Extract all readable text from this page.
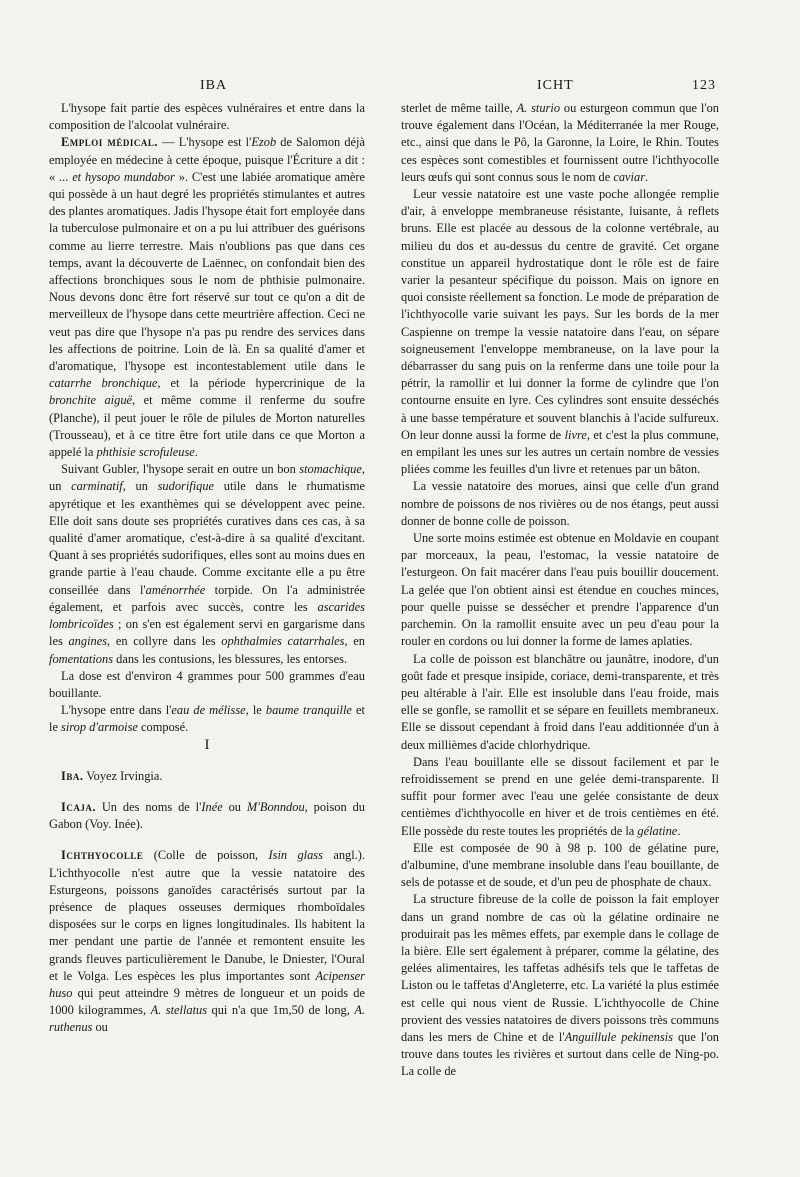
IBA	ICHT	123

L'hysope fait partie des espèces vulnéraires et entre dans la composition de l'alcoolat vulnéraire.

Emploi médical. — L'hysope est l'Ezob de Salomon déjà employée en médecine à cette époque, puisque l'Écriture a dit : « ... et hysopo mundabor ». C'est une labiée aromatique amère qui possède à un haut degré les propriétés stimulantes et autres des plantes aromatiques. Jadis l'hysope était fort employée dans la tuberculose pulmonaire et on a pu lui attribuer des guérisons comme au lierre terrestre. Mais n'oublions pas que dans ces temps, avant la découverte de Laënnec, on confondait bien des affections bronchiques sous le nom de phthisie pulmonaire. Nous devons donc être fort réservé sur tout ce qu'on a dit de merveilleux de l'hysope dans cette meurtrière affection. Ceci ne veut pas dire que l'hysope n'a pas pu rendre des services dans les affections de poitrine. Loin de là. En sa qualité d'amer et d'aromatique, l'hysope est incontestablement utile dans le catarrhe bronchique, et la période hypercrinique de la bronchite aiguë, et même comme il renferme du soufre (Planche), il peut jouer le rôle de pilules de Morton naturelles (Trousseau), et à ce titre être fort utile dans ce que Morton a appelé la phthisie scrofuleuse.

Suivant Gubler, l'hysope serait en outre un bon stomachique, un carminatif, un sudorifique utile dans le rhumatisme apyrétique et les exanthèmes qui se développent avec peine. Elle doit sans doute ses propriétés curatives dans ces cas, à sa qualité d'amer aromatique, c'est-à-dire à sa qualité d'excitant. Quant à ses propriétés sudorifiques, elles sont au moins dues en grande partie à l'eau chaude. Comme excitante elle a pu être conseillée dans l'aménorrhée torpide. On l'a administrée également, et parfois avec succès, contre les ascarides lombricoïdes ; on s'en est également servi en gargarisme dans les angines, en collyre dans les ophthalmies catarrhales, en fomentations dans les contusions, les blessures, les entorses.

La dose est d'environ 4 grammes pour 500 grammes d'eau bouillante.

L'hysope entre dans l'eau de mélisse, le baume tranquille et le sirop d'armoise composé.

I

Iba. Voyez Irvingia.

Icaja. Un des noms de l'Inée ou M'Bonndou, poison du Gabon (Voy. Inée).

Ichthyocolle (Colle de poisson, Isin glass angl.). L'ichthyocolle n'est autre que la vessie natatoire des Esturgeons, poissons ganoïdes caractérisés surtout par la présence de plaques osseuses dermiques rhomboïdales disposées sur le corps en lignes longitudinales. Ils habitent la mer pendant une partie de l'année et remontent ensuite les grands fleuves particulièrement le Danube, le Dniester, l'Oural et le Volga. Les espèces les plus importantes sont Acipenser huso qui peut atteindre 9 mètres de longueur et un poids de 1000 kilogrammes, A. stellatus qui n'a que 1m,50 de long, A. ruthenus ou

sterlet de même taille, A. sturio ou esturgeon commun que l'on trouve également dans l'Océan, la Méditerranée la mer Rouge, etc., ainsi que dans le Pô, la Garonne, la Loire, le Rhin. Toutes ces espèces sont comestibles et fournissent outre l'ichthyocolle leurs œufs qui sont connus sous le nom de caviar.

Leur vessie natatoire est une vaste poche allongée remplie d'air, à enveloppe membraneuse résistante, luisante, à reflets bruns. Elle est placée au dessous de la colonne vertébrale, au milieu du dos et au-dessus du centre de gravité. Cet organe constitue un appareil hydrostatique dont le rôle est de faire varier la pesanteur spécifique du poisson. Mais on ignore en quoi consiste réellement sa fonction. Le mode de préparation de l'ichthyocolle varie suivant les pays. Sur les bords de la mer Caspienne on trempe la vessie natatoire dans l'eau, on sépare soigneusement l'enveloppe membraneuse, on la lave pour la débarrasser du sang puis on la renferme dans une toile pour la pétrir, la ramollir et lui donner la forme de cylindre que l'on contourne ensuite en lyre. Ces cylindres sont ensuite desséchés à une basse température et souvent blanchis à l'acide sulfureux. On leur donne aussi la forme de livre, et c'est la plus commune, en empilant les unes sur les autres un certain nombre de vessies pliées comme les feuilles d'un livre et retenues par un bâton.

La vessie natatoire des morues, ainsi que celle d'un grand nombre de poissons de nos rivières ou de nos étangs, peut aussi donner de bonne colle de poisson.

Une sorte moins estimée est obtenue en Moldavie en coupant par morceaux, la peau, l'estomac, la vessie natatoire de l'esturgeon. On fait macérer dans l'eau puis bouillir doucement. La gelée que l'on obtient ainsi est étendue en couches minces, pour quelle puisse se dessécher et prendre l'apparence d'un parchemin. On la ramollit ensuite avec un peu d'eau pour la rouler en cordons ou lui donner la forme de lames aplaties.

La colle de poisson est blanchâtre ou jaunâtre, inodore, d'un goût fade et presque insipide, coriace, demi-transparente, et très peu altérable à l'air. Elle est insoluble dans l'eau froide, mais elle se gonfle, se ramollit et se sépare en feuillets membraneux. Elle se dissout cependant à froid dans l'eau additionnée d'un à deux millièmes d'acide chlorhydrique.

Dans l'eau bouillante elle se dissout facilement et par le refroidissement se prend en une gelée demi-transparente. Il suffit pour former avec l'eau une gelée consistante de deux centièmes d'ichthyocolle en hiver et de trois centièmes en été. Elle possède du reste toutes les propriétés de la gélatine.

Elle est composée de 90 à 98 p. 100 de gélatine pure, d'albumine, d'une membrane insoluble dans l'eau bouillante, de sels de potasse et de soude, et d'un peu de phosphate de chaux.

La structure fibreuse de la colle de poisson la fait employer dans un grand nombre de cas où la gélatine ordinaire ne produirait pas les mêmes effets, par exemple dans le collage de la bière. Elle sert également à préparer, comme la gélatine, des gelées alimentaires, les taffetas adhésifs tels que le taffetas de Liston ou le taffetas d'Angleterre, etc. La variété la plus estimée est celle qui nous vient de Russie. L'ichthyocolle de Chine provient des vessies natatoires de divers poissons très communs dans les mers de Chine et de l'Anguillule pekinensis que l'on trouve dans toutes les rivières et surtout dans celle de Ning-po. La colle de
